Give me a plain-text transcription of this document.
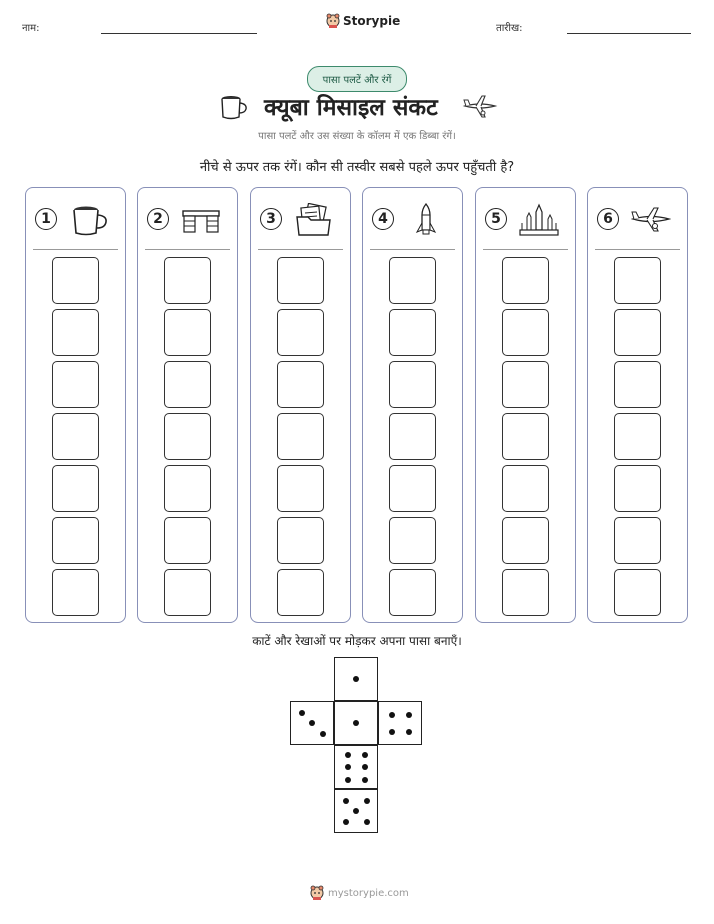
नाम:
Storypie
तारीख:
पासा पलटें और रंगें
क्यूबा मिसाइल संकट
पासा पलटें और उस संख्या के कॉलम में एक डिब्बा रंगें।
नीचे से ऊपर तक रंगें। कौन सी तस्वीर सबसे पहले ऊपर पहुँचती है?
1	2	3	4	5	6
काटें और रेखाओं पर मोड़कर अपना पासा बनाएँ।
mystorypie.com
